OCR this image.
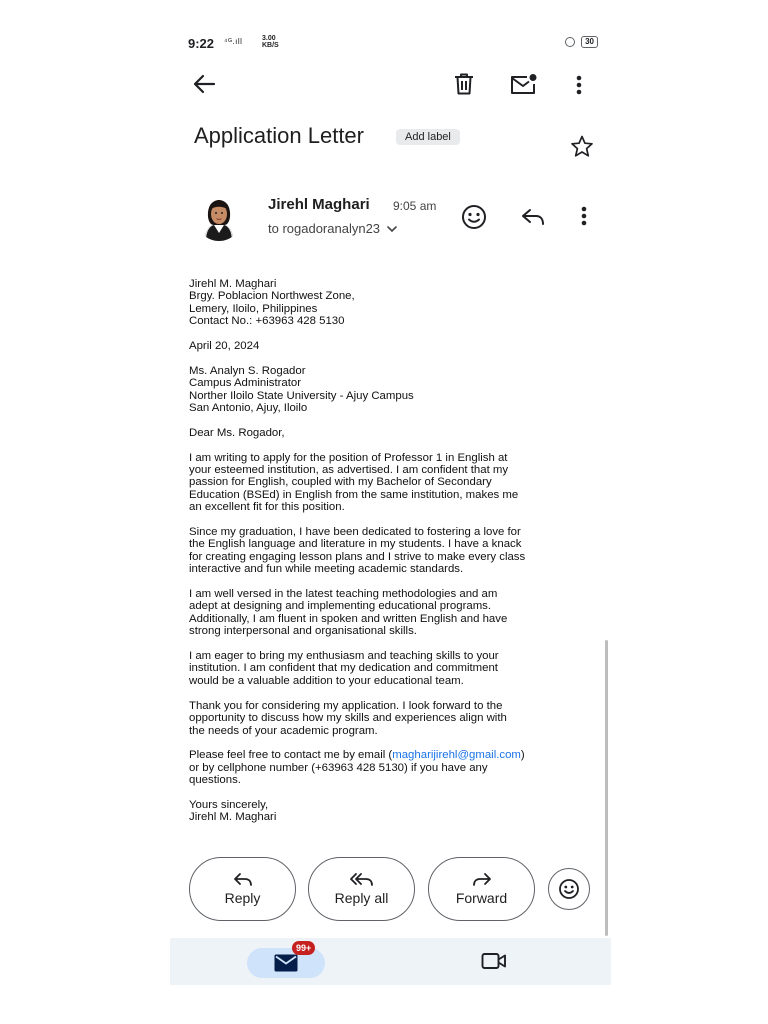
9:22 ⁴ᴳ.ıll	3.00
KB/S	30
Application Letter	Add label
Jirehl Maghari 9:05 am
to rogadoranalyn23

Jirehl M. Maghari
Brgy. Poblacion Northwest Zone,
Lemery, Iloilo, Philippines
Contact No.: +63963 428 5130

April 20, 2024

Ms. Analyn S. Rogador
Campus Administrator
Norther Iloilo State University - Ajuy Campus
San Antonio, Ajuy, Iloilo

Dear Ms. Rogador,

I am writing to apply for the position of Professor 1 in English at
your esteemed institution, as advertised. I am confident that my
passion for English, coupled with my Bachelor of Secondary
Education (BSEd) in English from the same institution, makes me
an excellent fit for this position.

Since my graduation, I have been dedicated to fostering a love for
the English language and literature in my students. I have a knack
for creating engaging lesson plans and I strive to make every class
interactive and fun while meeting academic standards.

I am well versed in the latest teaching methodologies and am
adept at designing and implementing educational programs.
Additionally, I am fluent in spoken and written English and have
strong interpersonal and organisational skills.

I am eager to bring my enthusiasm and teaching skills to your
institution. I am confident that my dedication and commitment
would be a valuable addition to your educational team.

Thank you for considering my application. I look forward to the
opportunity to discuss how my skills and experiences align with
the needs of your academic program.

Please feel free to contact me by email (magharijirehl@gmail.com)
or by cellphone number (+63963 428 5130) if you have any
questions.

Yours sincerely,
Jirehl M. Maghari

Reply	Reply all	Forward
99+
